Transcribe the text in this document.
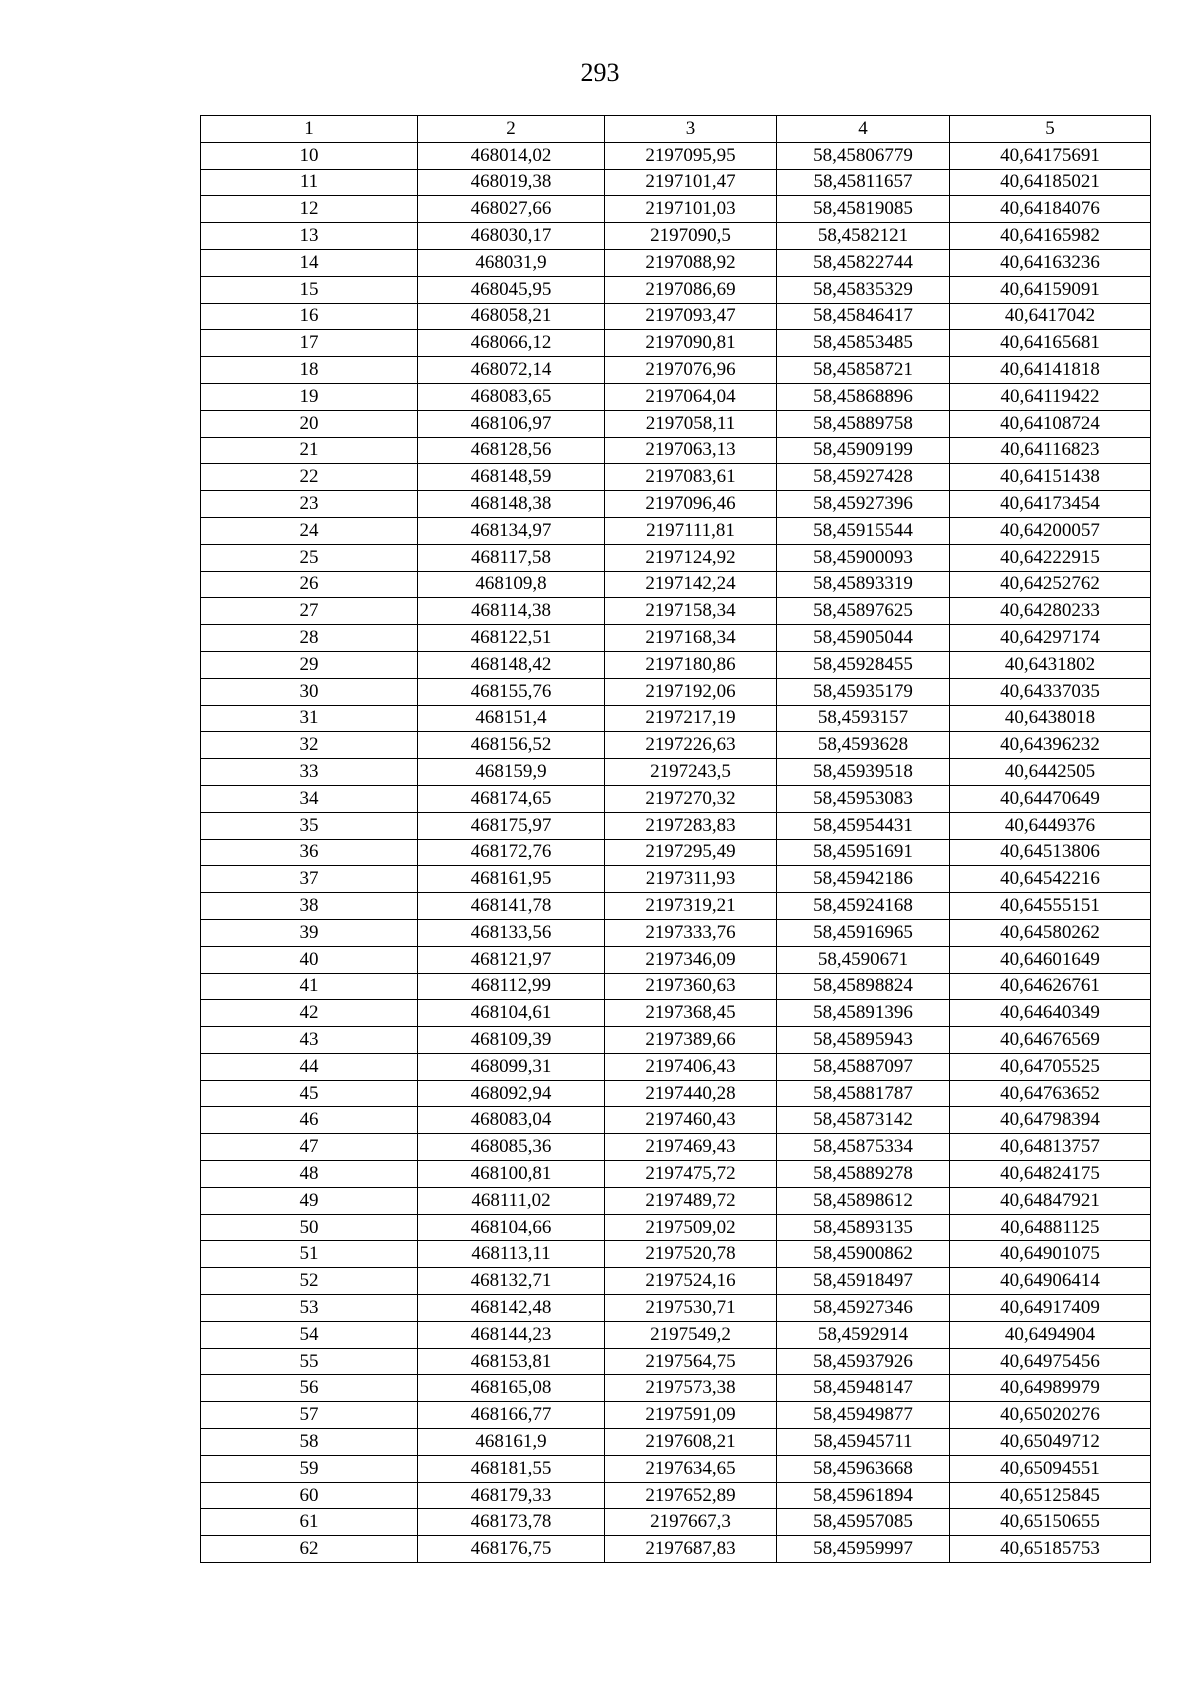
293
1	2	3	4	5
10	468014,02	2197095,95	58,45806779	40,64175691
11	468019,38	2197101,47	58,45811657	40,64185021
12	468027,66	2197101,03	58,45819085	40,64184076
13	468030,17	2197090,5	58,4582121	40,64165982
14	468031,9	2197088,92	58,45822744	40,64163236
15	468045,95	2197086,69	58,45835329	40,64159091
16	468058,21	2197093,47	58,45846417	40,6417042
17	468066,12	2197090,81	58,45853485	40,64165681
18	468072,14	2197076,96	58,45858721	40,64141818
19	468083,65	2197064,04	58,45868896	40,64119422
20	468106,97	2197058,11	58,45889758	40,64108724
21	468128,56	2197063,13	58,45909199	40,64116823
22	468148,59	2197083,61	58,45927428	40,64151438
23	468148,38	2197096,46	58,45927396	40,64173454
24	468134,97	2197111,81	58,45915544	40,64200057
25	468117,58	2197124,92	58,45900093	40,64222915
26	468109,8	2197142,24	58,45893319	40,64252762
27	468114,38	2197158,34	58,45897625	40,64280233
28	468122,51	2197168,34	58,45905044	40,64297174
29	468148,42	2197180,86	58,45928455	40,6431802
30	468155,76	2197192,06	58,45935179	40,64337035
31	468151,4	2197217,19	58,4593157	40,6438018
32	468156,52	2197226,63	58,4593628	40,64396232
33	468159,9	2197243,5	58,45939518	40,6442505
34	468174,65	2197270,32	58,45953083	40,64470649
35	468175,97	2197283,83	58,45954431	40,6449376
36	468172,76	2197295,49	58,45951691	40,64513806
37	468161,95	2197311,93	58,45942186	40,64542216
38	468141,78	2197319,21	58,45924168	40,64555151
39	468133,56	2197333,76	58,45916965	40,64580262
40	468121,97	2197346,09	58,4590671	40,64601649
41	468112,99	2197360,63	58,45898824	40,64626761
42	468104,61	2197368,45	58,45891396	40,64640349
43	468109,39	2197389,66	58,45895943	40,64676569
44	468099,31	2197406,43	58,45887097	40,64705525
45	468092,94	2197440,28	58,45881787	40,64763652
46	468083,04	2197460,43	58,45873142	40,64798394
47	468085,36	2197469,43	58,45875334	40,64813757
48	468100,81	2197475,72	58,45889278	40,64824175
49	468111,02	2197489,72	58,45898612	40,64847921
50	468104,66	2197509,02	58,45893135	40,64881125
51	468113,11	2197520,78	58,45900862	40,64901075
52	468132,71	2197524,16	58,45918497	40,64906414
53	468142,48	2197530,71	58,45927346	40,64917409
54	468144,23	2197549,2	58,4592914	40,6494904
55	468153,81	2197564,75	58,45937926	40,64975456
56	468165,08	2197573,38	58,45948147	40,64989979
57	468166,77	2197591,09	58,45949877	40,65020276
58	468161,9	2197608,21	58,45945711	40,65049712
59	468181,55	2197634,65	58,45963668	40,65094551
60	468179,33	2197652,89	58,45961894	40,65125845
61	468173,78	2197667,3	58,45957085	40,65150655
62	468176,75	2197687,83	58,45959997	40,65185753
